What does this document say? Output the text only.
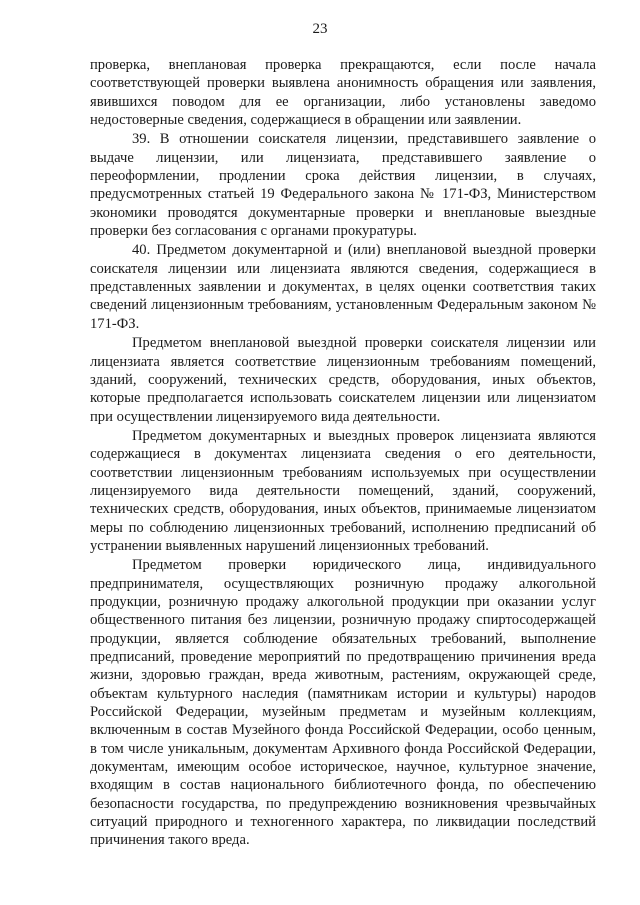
23

проверка, внеплановая проверка прекращаются, если после начала соответствующей проверки выявлена анонимность обращения или заявления, явившихся поводом для ее организации, либо установлены заведомо недостоверные сведения, содержащиеся в обращении или заявлении.

39. В отношении соискателя лицензии, представившего заявление о выдаче лицензии, или лицензиата, представившего заявление о переоформлении, продлении срока действия лицензии, в случаях, предусмотренных статьей 19 Федерального закона № 171-ФЗ, Министерством экономики проводятся документарные проверки и внеплановые выездные проверки без согласования с органами прокуратуры.

40. Предметом документарной и (или) внеплановой выездной проверки соискателя лицензии или лицензиата являются сведения, содержащиеся в представленных заявлении и документах, в целях оценки соответствия таких сведений лицензионным требованиям, установленным Федеральным законом № 171-ФЗ.

Предметом внеплановой выездной проверки соискателя лицензии или лицензиата является соответствие лицензионным требованиям помещений, зданий, сооружений, технических средств, оборудования, иных объектов, которые предполагается использовать соискателем лицензии или лицензиатом при осуществлении лицензируемого вида деятельности.

Предметом документарных и выездных проверок лицензиата являются содержащиеся в документах лицензиата сведения о его деятельности, соответствии лицензионным требованиям используемых при осуществлении лицензируемого вида деятельности помещений, зданий, сооружений, технических средств, оборудования, иных объектов, принимаемые лицензиатом меры по соблюдению лицензионных требований, исполнению предписаний об устранении выявленных нарушений лицензионных требований.

Предметом проверки юридического лица, индивидуального предпринимателя, осуществляющих розничную продажу алкогольной продукции, розничную продажу алкогольной продукции при оказании услуг общественного питания без лицензии, розничную продажу спиртосодержащей продукции, является соблюдение обязательных требований, выполнение предписаний, проведение мероприятий по предотвращению причинения вреда жизни, здоровью граждан, вреда животным, растениям, окружающей среде, объектам культурного наследия (памятникам истории и культуры) народов Российской Федерации, музейным предметам и музейным коллекциям, включенным в состав Музейного фонда Российской Федерации, особо ценным, в том числе уникальным, документам Архивного фонда Российской Федерации, документам, имеющим особое историческое, научное, культурное значение, входящим в состав национального библиотечного фонда, по обеспечению безопасности государства, по предупреждению возникновения чрезвычайных ситуаций природного и техногенного характера, по ликвидации последствий причинения такого вреда.
